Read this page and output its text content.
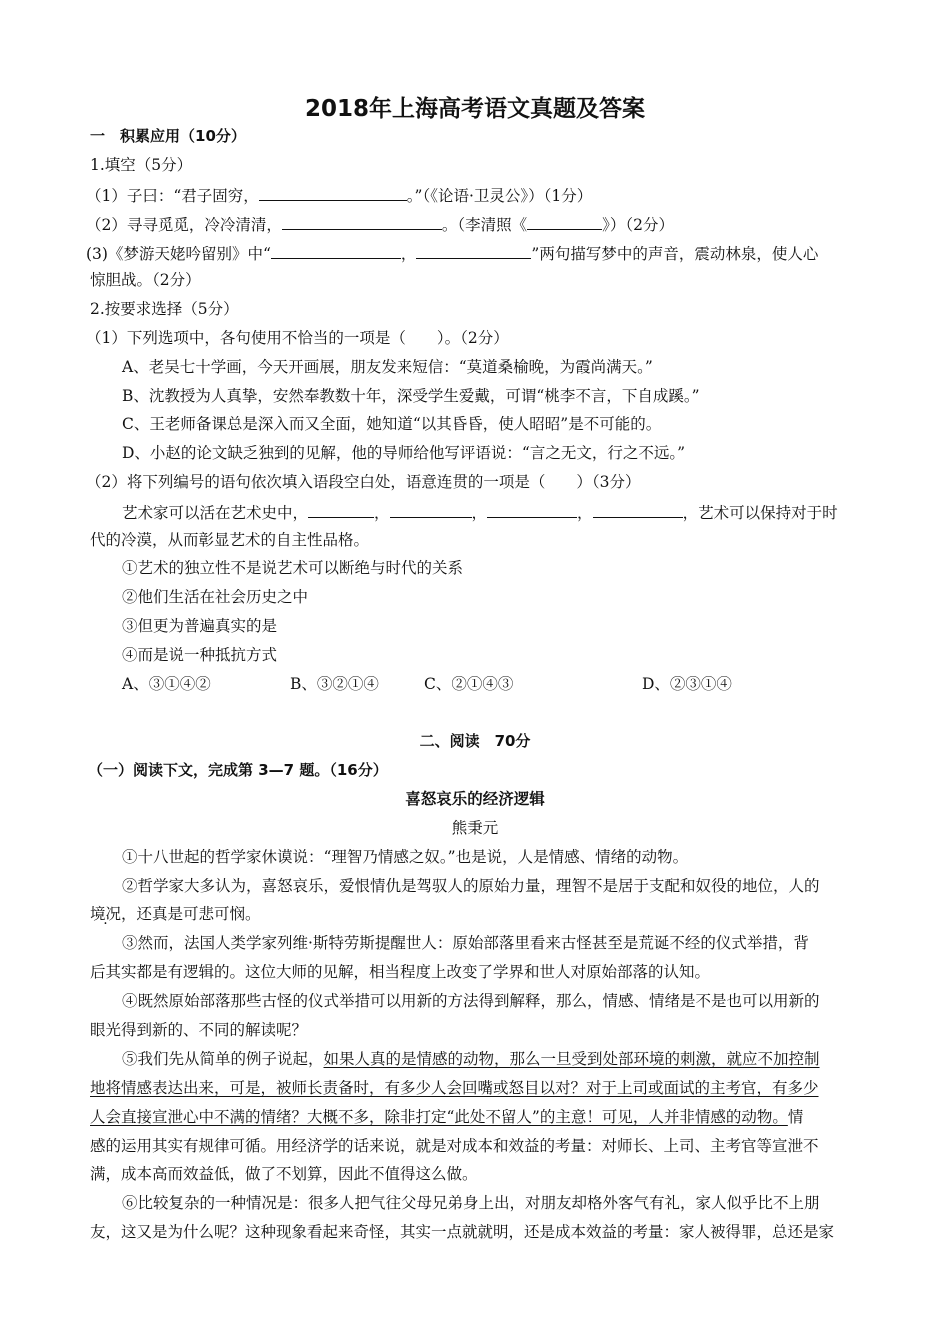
2018年上海高考语文真题及答案
一　积累应用（10分）
1.填空（5分）
（1）子曰：“君子固穷，	。”（《论语·卫灵公》）（1分）
（2）寻寻觅觅，冷冷清清，	。（李清照《	》）（2分）
(3)《梦游天姥吟留别》中“	，	”两句描写梦中的声音，震动林泉，使人心
惊胆战。（2分）
2.按要求选择（5分）
（1）下列选项中，各句使用不恰当的一项是（　　）。（2分）
A、老吴七十学画，今天开画展，朋友发来短信：“莫道桑榆晚，为霞尚满天。”
B、沈教授为人真挚，安然奉教数十年，深受学生爱戴，可谓“桃李不言，下自成蹊。”
C、王老师备课总是深入而又全面，她知道“以其昏昏，使人昭昭”是不可能的。
D、小赵的论文缺乏独到的见解，他的导师给他写评语说：“言之无文，行之不远。”
（2）将下列编号的语句依次填入语段空白处，语意连贯的一项是（　　）（3分）
艺术家可以活在艺术史中，	，	，	，	，艺术可以保持对于时
代的冷漠，从而彰显艺术的自主性品格。
①艺术的独立性不是说艺术可以断绝与时代的关系
②他们生活在社会历史之中
③但更为普遍真实的是
④而是说一种抵抗方式
A、③①④②	B、③②①④	C、②①④③	D、②③①④
二、阅读　70分
（一）阅读下文，完成第 3—7 题。（16分）
喜怒哀乐的经济逻辑
熊秉元
①十八世起的哲学家休谟说：“理智乃情感之奴。”也是说，人是情感、情绪的动物。
②哲学家大多认为，喜怒哀乐，爱恨情仇是驾驭人的原始力量，理智不是居于支配和奴役的地位，人的
境况，还真是可悲可悯。
③然而，法国人类学家列维·斯特劳斯提醒世人：原始部落里看来古怪甚至是荒诞不经的仪式举措，背
后其实都是有逻辑的。这位大师的见解，相当程度上改变了学界和世人对原始部落的认知。
④既然原始部落那些古怪的仪式举措可以用新的方法得到解释，那么，情感、情绪是不是也可以用新的
眼光得到新的、不同的解读呢？
⑤我们先从简单的例子说起，如果人真的是情感的动物，那么一旦受到处部环境的刺激，就应不加控制
地将情感表达出来，可是，被师长责备时，有多少人会回嘴或怒目以对？对于上司或面试的主考官，有多少
人会直接宣泄心中不满的情绪？大概不多，除非打定“此处不留人”的主意！可见，人并非情感的动物。情
感的运用其实有规律可循。用经济学的话来说，就是对成本和效益的考量：对师长、上司、主考官等宣泄不
满，成本高而效益低，做了不划算，因此不值得这么做。
⑥比较复杂的一种情况是：很多人把气往父母兄弟身上出，对朋友却格外客气有礼，家人似乎比不上朋
友，这又是为什么呢？这种现象看起来奇怪，其实一点就就明，还是成本效益的考量：家人被得罪，总还是家
